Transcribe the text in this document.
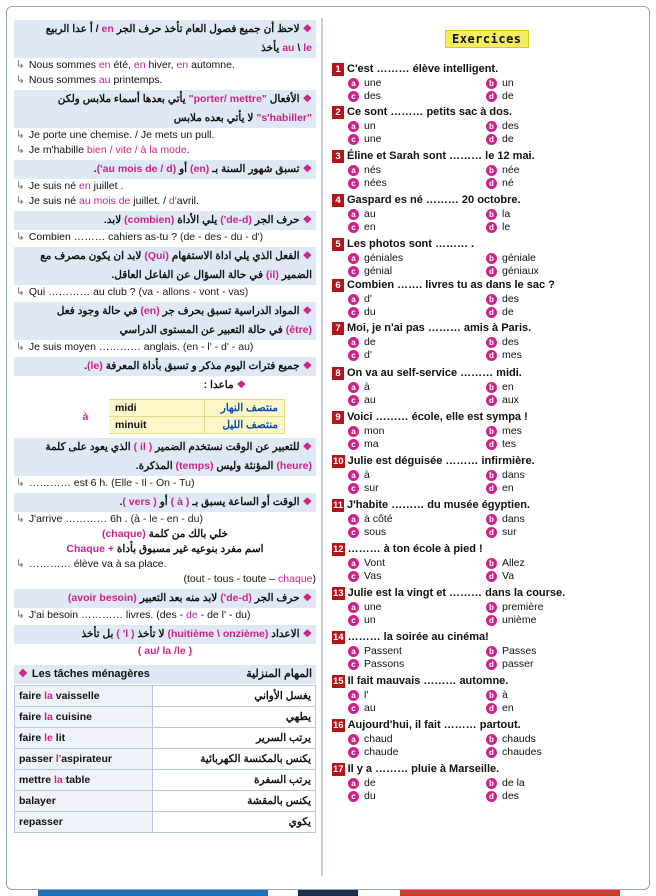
❖لاحظ أن جميع فصول العام تأخذ حرف الجر en / أ عدا الربيع
au \ le يأخذ
↳ Nous sommes en été, en hiver, en automne.
↳ Nous sommes au printemps.
❖الأفعال "porter/ mettre" يأتي بعدها أسماء ملابس ولكن
"s'habiller" لا يأتي بعده ملابس
↳ Je porte une chemise. / Je mets un pull.
↳ Je m'habille bien / vite / à la mode.
❖تسبق شهور السنة بـ (en) أو (au mois de / d').
↳ Je suis né en juillet .
↳ Je suis né au mois de juillet. / d'avril.
❖حرف الجر (de-d') يلي الأداة (combien) لابد.
↳ Combien ……… cahiers as-tu ? (de - des - du - d')
❖الفعل الذي يلي اداة الاستفهام (Qui) لابد ان يكون مصرف مع
الضمير (il) في حالة السؤال عن الفاعل العاقل.
↳ Qui ………… au club ? (va - allons - vont - vas)
❖المواد الدراسية تسبق بحرف جر (en) في حالة وجود فعل
(être) في حالة التعبير عن المستوى الدراسي
↳ Je suis moyen ………… anglais. (en - l' - d' - au)
❖جميع فترات اليوم مذكر و تسبق بأداة المعرفة (le).
❖ماعدا :
à	midi	منتصف النهار
	minuit	منتصف الليل
❖للتعبير عن الوقت نستخدم الضمير ( il ) الذي يعود على كلمة
(heure) المؤنثة وليس (temps) المذكرة.
↳ ………… est 6 h. (Elle - Il - On - Tu)
❖الوقت أو الساعة يسبق بـ ( à ) أو ( vers ).
↳ J'arrive ………… 6h . (à - le - en - du)
خلي بالك من كلمة (chaque)
اسم مفرد بنوعيه غير مسبوق بأداة + Chaque
↳ ………… élève va à sa place.
(tout - tous - toute – chaque)
❖حرف الجر (de-d') لابد منه بعد التعبير (avoir besoin)
↳ J'ai besoin ………… livres. (des - de - de l' - du)
❖الاعداد (huitième \ onzième) لا تأخذ ( l' ) بل تأخذ
( au/ la /le )
❖ Les tâches ménagères	المهام المنزلية
faire la vaisselle	يغسل الأواني
faire la cuisine	يطهي
faire le lit	يرتب السرير
passer l'aspirateur	يكنس بالمكنسة الكهربائية
mettre la table	يرتب السفرة
balayer	يكنس بالمقشة
repasser	يكوي
Exercices
1 C'est ……… élève intelligent.
a une	b un
c des	d de
2 Ce sont ……… petits sac à dos.
a un	b des
c une	d de
3 Éline et Sarah sont ……… le 12 mai.
a nés	b née
c nées	d né
4 Gaspard es né ……… 20 octobre.
a au	b la
c en	d le
5 Les photos sont ……… .
a géniales	b géniale
c génial	d géniaux
6 Combien ……. livres tu as dans le sac ?
a d'	b des
c du	d de
7 Moi, je n'ai pas ……… amis à Paris.
a de	b des
c d'	d mes
8 On va au self-service ……… midi.
a à	b en
c au	d aux
9 Voici ……… école, elle est sympa !
a mon	b mes
c ma	d tes
10 Julie est déguisée ……… infirmière.
a à	b dans
c sur	d en
11 J'habite ……… du musée égyptien.
a à côté	b dans
c sous	d sur
12 ……… à ton école à pied !
a Vont	b Allez
c Vas	d Va
13 Julie est la vingt et ……… dans la course.
a une	b première
c un	d unième
14 ……… la soirée au cinéma!
a Passent	b Passes
c Passons	d passer
15 Il fait mauvais ……… automne.
a l'	b à
c au	d en
16 Aujourd'hui, il fait ……… partout.
a chaud	b chauds
c chaude	d chaudes
17 Il y a ……… pluie à Marseille.
a de	b de la
c du	d des
